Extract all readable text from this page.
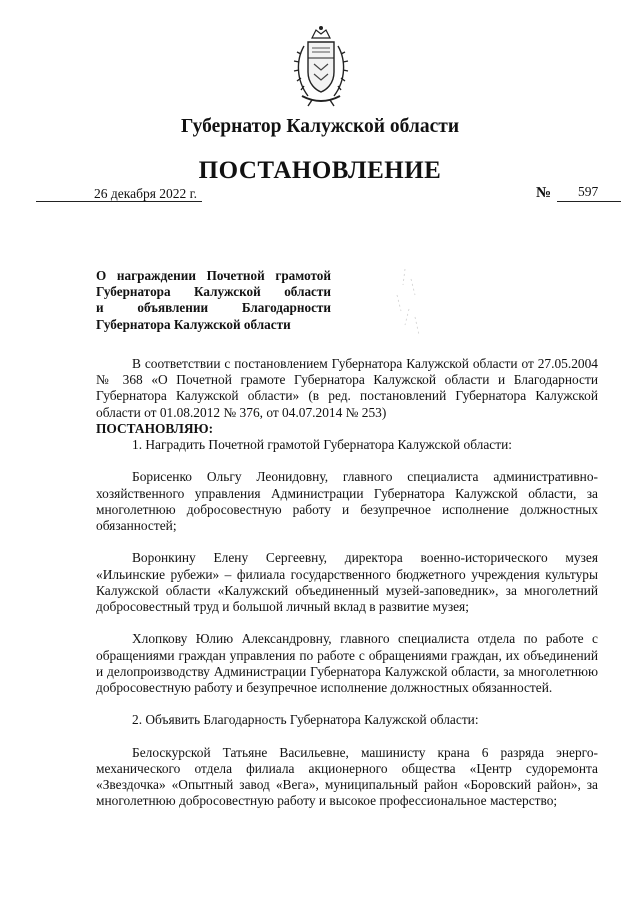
Губернатор Калужской области
ПОСТАНОВЛЕНИЕ
26 декабря 2022 г.	№ 597
О награждении Почетной грамотой
Губернатора Калужской области
и объявлении Благодарности
Губернатора Калужской области

В соответствии с постановлением Губернатора Калужской области от 27.05.2004 № 368 «О Почетной грамоте Губернатора Калужской области и Благодарности Губернатора Калужской области» (в ред. постановлений Губернатора Калужской области от 01.08.2012 № 376, от 04.07.2014 № 253)

ПОСТАНОВЛЯЮ:

1. Наградить Почетной грамотой Губернатора Калужской области:

Борисенко Ольгу Леонидовну, главного специалиста административно-хозяйственного управления Администрации Губернатора Калужской области, за многолетнюю добросовестную работу и безупречное исполнение должностных обязанностей;

Воронкину Елену Сергеевну, директора военно-исторического музея «Ильинские рубежи» – филиала государственного бюджетного учреждения культуры Калужской области «Калужский объединенный музей-заповедник», за многолетний добросовестный труд и большой личный вклад в развитие музея;

Хлопкову Юлию Александровну, главного специалиста отдела по работе с обращениями граждан управления по работе с обращениями граждан, их объединений и делопроизводству Администрации Губернатора Калужской области, за многолетнюю добросовестную работу и безупречное исполнение должностных обязанностей.

2. Объявить Благодарность Губернатора Калужской области:

Белоскурской Татьяне Васильевне, машинисту крана 6 разряда энерго-механического отдела филиала акционерного общества «Центр судоремонта «Звездочка» «Опытный завод «Вега», муниципальный район «Боровский район», за многолетнюю добросовестную работу и высокое профессиональное мастерство;
